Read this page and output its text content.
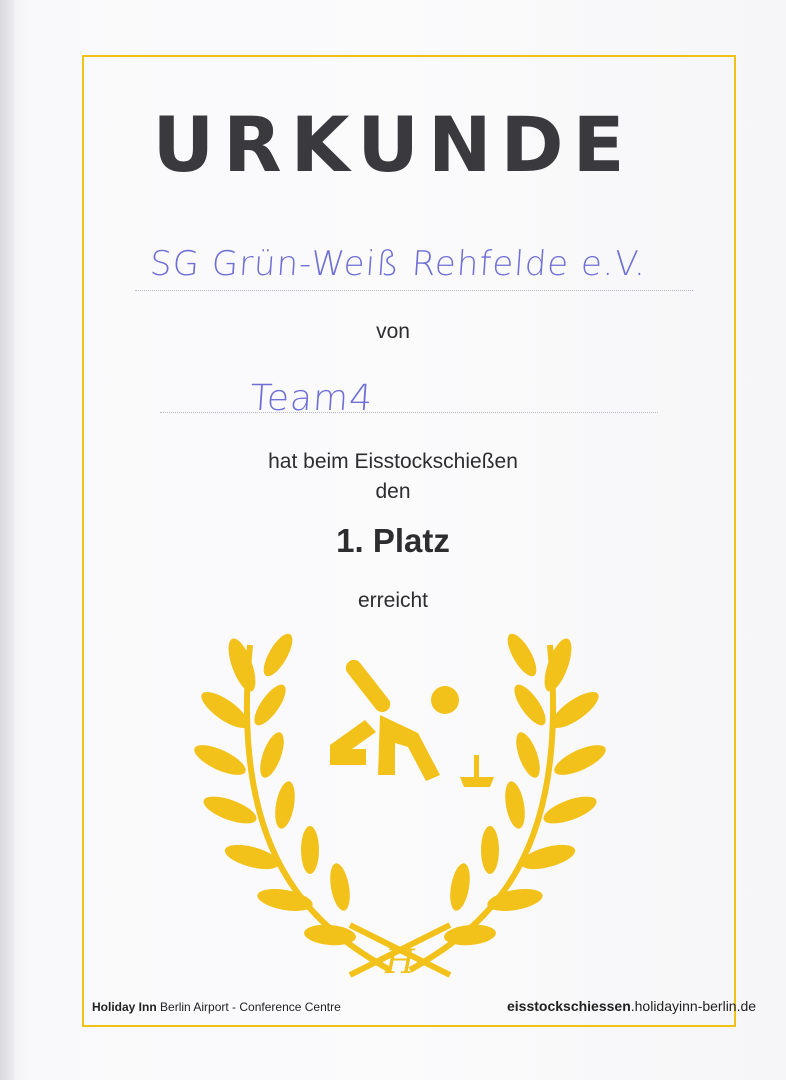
URKUNDE
SG Grün-Weiß Rehfelde e.V.
von
Team4
hat beim Eisstockschießen
den
1. Platz
erreicht
H
Holiday Inn Berlin Airport - Conference Centre	eisstockschiessen.holidayinn-berlin.de
